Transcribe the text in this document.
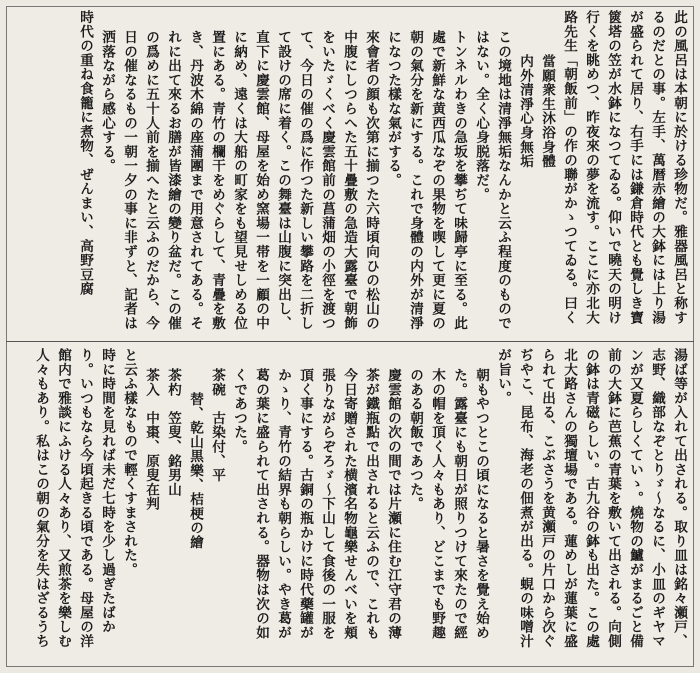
此の風呂は本朝に於ける珍物だ。雅器風呂と称するのだとの事。左手、萬暦赤繪の大鉢には上り湯が盛られて居り、右手には鎌倉時代とも覺しき寶篋塔の笠が水鉢になつてゐる。仰いで曉天の明け行くを眺めつ、昨夜來の夢を流す。ここに亦北大路先生「朝飯前」の作の聯がかゝつてゐる。曰く
當願衆生沐浴身體
内外清淨心身無垢
この境地は清淨無垢なんかと云ふ程度のものではない。全く心身脱落だ。
トンネルわきの急坂を攀ぢて味歸亭に至る。此處で新鮮な黄西瓜なぞの果物を喫して更に夏の朝の氣分を新にする。これで身體の内外が清淨になつた樣な氣がする。
來會者の顔も次第に揃つた六時頃向ひの松山の中腹にしつらへた五十疊敷の急造大露臺で朝飾をいたゞくべく慶雲館前の菖蒲畑の小徑を渡つて、今日の催の爲に作つた新しい攀路を二折して設けの席に着く。この舞臺は山腹に突出し、直下に慶雲館、母屋を始め窯場一帯を一顧の中に納め、遠くは大船の町家をも望見せしめる位置にある。青竹の欄干をめぐらして、青疊を敷き、丹波木綿の座蒲團まで用意されてある。それに出て來るお膳が皆漆繪の變り盆だ。この催の爲めに五十人前を揃へたと云ふのだから、今日の催なるもの一朝一夕の事に非ずと、記者は洒落ながら感心する。
時代の重ね食籠に煮物、ぜんまい、高野豆腐
湯ば等が入れて出される。取り皿は銘々瀬戸、志野、織部なぞとりゞ〜なるに、小皿のギヤマンが又夏らしくていゝ。燒物の鱸がまるごと備前の大鉢に芭蕉の青葉を敷いて出される。向側の鉢は青磁らしい。古九谷の鉢も出た。この處北大路さんの獨壇場である。蓮めしが蓮葉に盛られて出る、こぶさうを黄瀬戸の片口から次ぐぢやこ、昆布、海老の佃煮が出る。蜆の味噌汁が旨い。
朝もやつとこの頃になると暑さを覺え始めた。露臺にも朝日が照りつけて來たので經木の帽を頂く人々もあり、どこまでも野趣のある朝飯であつた。
慶雲館の次の間では片瀬に住む江守君の薄茶が鐵瓶點で出されると云ふので、これも今日寄贈された横濱名物龜樂せんべいを頬張りながらぞろゞ〜下山して食後の一服を頂く事にする。古銅の瓶かけに時代藥罐がかゝり、青竹の結界も朝らしい。やき葛が葛の葉に盛られて出される。器物は次の如くであつた。
茶碗　古染付、平
替、乾山黒樂、桔梗の繪
茶杓　笠叟、銘男山
茶入　中棗、原叟在判
と云ふ樣なもので輕くすまされた。
時に時間を見れば未だ七時を少し過ぎたばかり。いつもなら今頃起きる頃である。母屋の洋館内で雅談にふける人々あり、又煎茶を樂しむ人々もあり。私はこの朝の氣分を失はざるうち
